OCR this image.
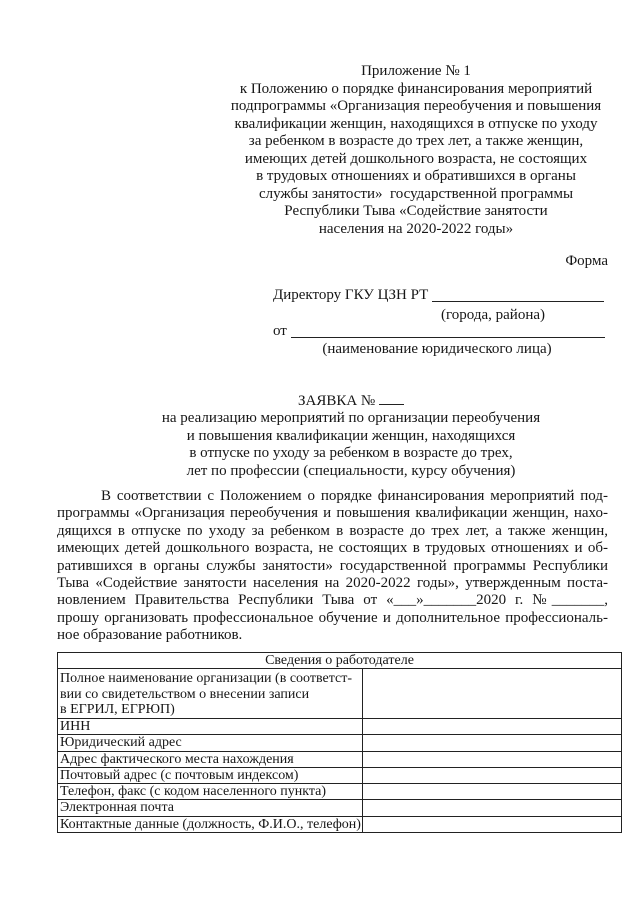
Приложение № 1
к Положению о порядке финансирования мероприятий
подпрограммы «Организация переобучения и повышения
квалификации женщин, находящихся в отпуске по уходу
за ребенком в возрасте до трех лет, а также женщин,
имеющих детей дошкольного возраста, не состоящих
в трудовых отношениях и обратившихся в органы
службы занятости»  государственной программы
Республики Тыва «Содействие занятости
населения на 2020-2022 годы»
Форма
Директору ГКУ ЦЗН РТ
(города, района)
от
(наименование юридического лица)
ЗАЯВКА №
на реализацию мероприятий по организации переобучения
и повышения квалификации женщин, находящихся
в отпуске по уходу за ребенком в возрасте до трех,
лет по профессии (специальности, курсу обучения)
В соответствии с Положением о порядке финансирования мероприятий под-
программы «Организация переобучения и повышения квалификации женщин, нахо-
дящихся в отпуске по уходу за ребенком в возрасте до трех лет, а также женщин,
имеющих детей дошкольного возраста, не состоящих в трудовых отношениях и об-
ратившихся в органы службы занятости» государственной программы Республики
Тыва «Содействие занятости населения на 2020-2022 годы», утвержденным поста-
новлением Правительства Республики Тыва от «___»_______2020 г. №_______,
прошу организовать профессиональное обучение и дополнительное профессиональ-
ное образование работников.
Сведения о работодателе
Полное наименование организации (в соответст-
вии со свидетельством о внесении записи
в ЕГРИЛ, ЕГРЮП)
ИНН
Юридический адрес
Адрес фактического места нахождения
Почтовый адрес (с почтовым индексом)
Телефон, факс (с кодом населенного пункта)
Электронная почта
Контактные данные (должность, Ф.И.О., телефон)
